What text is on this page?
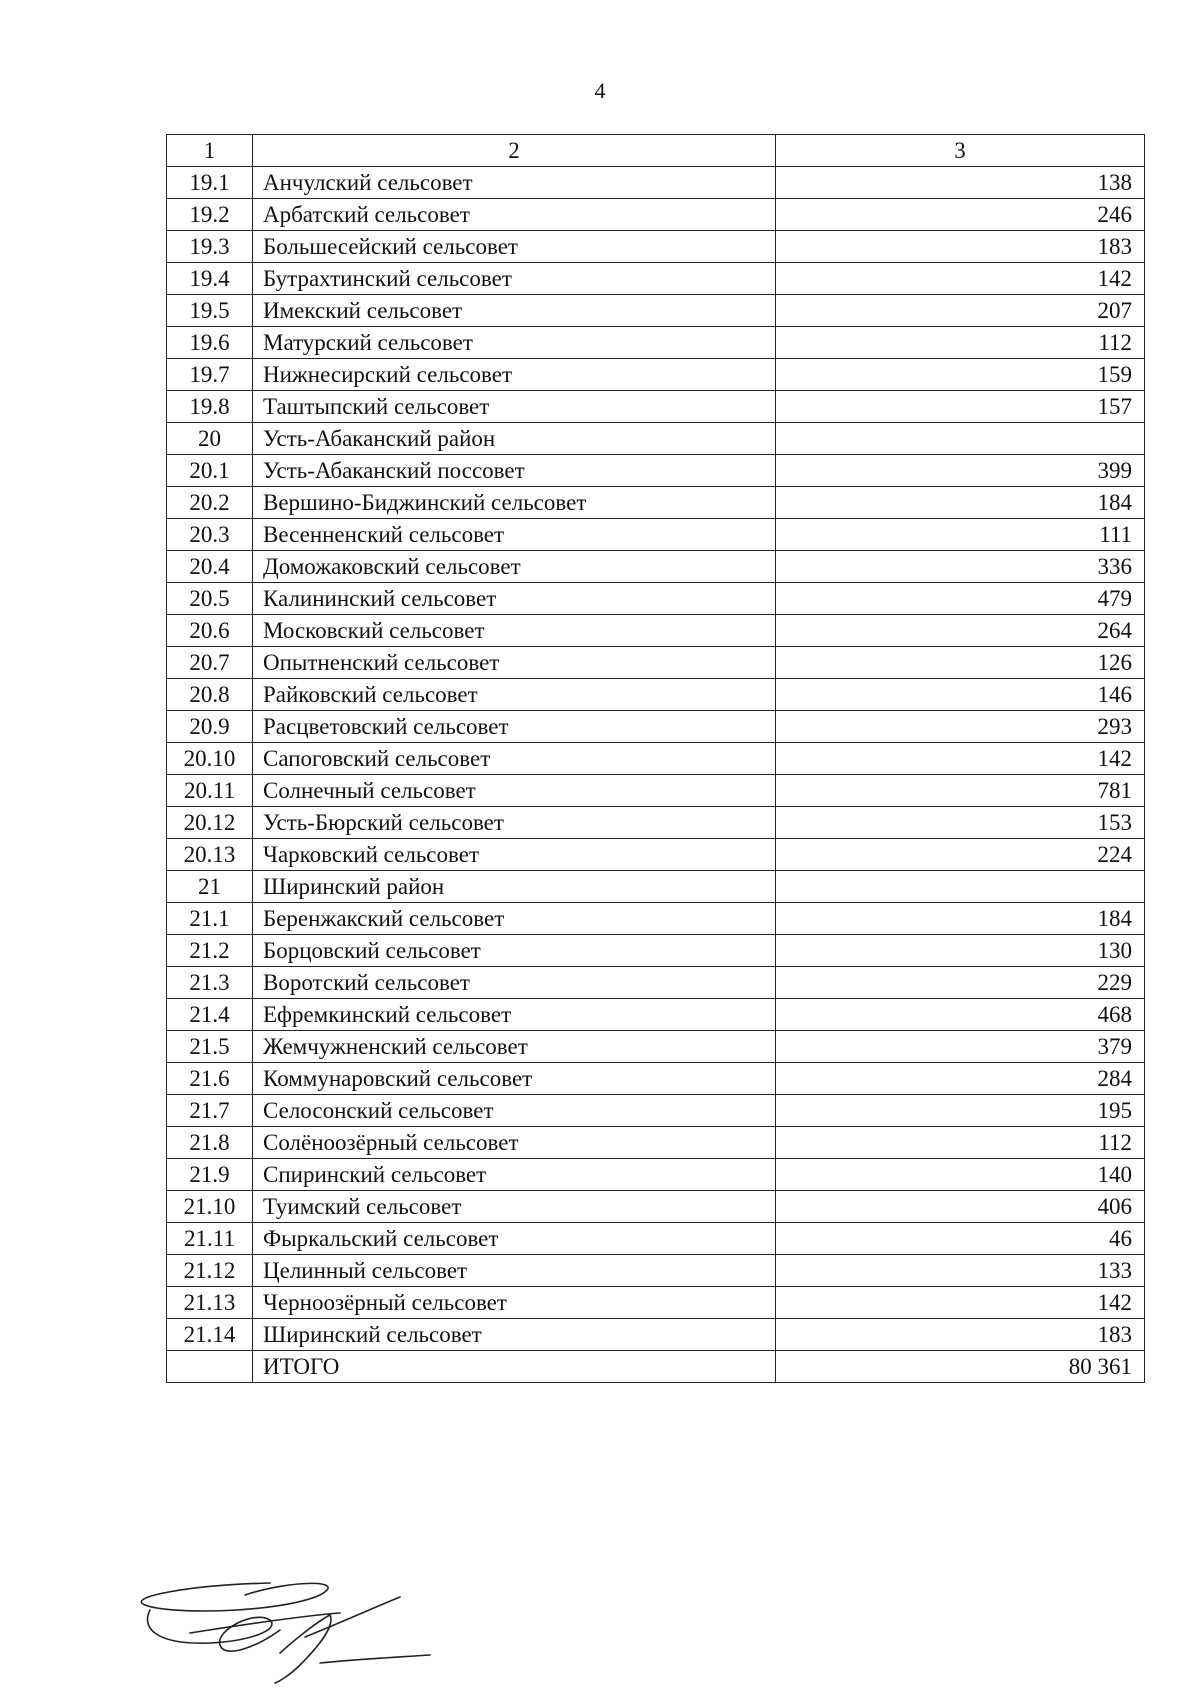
4
1	2	3
19.1	Анчулский сельсовет	138
19.2	Арбатский сельсовет	246
19.3	Большесейский сельсовет	183
19.4	Бутрахтинский сельсовет	142
19.5	Имекский сельсовет	207
19.6	Матурский сельсовет	112
19.7	Нижнесирский сельсовет	159
19.8	Таштыпский сельсовет	157
20	Усть-Абаканский район	
20.1	Усть-Абаканский поссовет	399
20.2	Вершино-Биджинский сельсовет	184
20.3	Весенненский сельсовет	111
20.4	Доможаковский сельсовет	336
20.5	Калининский сельсовет	479
20.6	Московский сельсовет	264
20.7	Опытненский сельсовет	126
20.8	Райковский сельсовет	146
20.9	Расцветовский сельсовет	293
20.10	Сапоговский сельсовет	142
20.11	Солнечный сельсовет	781
20.12	Усть-Бюрский сельсовет	153
20.13	Чарковский сельсовет	224
21	Ширинский район	
21.1	Беренжакский сельсовет	184
21.2	Борцовский сельсовет	130
21.3	Воротский сельсовет	229
21.4	Ефремкинский сельсовет	468
21.5	Жемчужненский сельсовет	379
21.6	Коммунаровский сельсовет	284
21.7	Селосонский сельсовет	195
21.8	Солёноозёрный сельсовет	112
21.9	Спиринский сельсовет	140
21.10	Туимский сельсовет	406
21.11	Фыркальский сельсовет	46
21.12	Целинный сельсовет	133
21.13	Черноозёрный сельсовет	142
21.14	Ширинский сельсовет	183
	ИТОГО	80 361
